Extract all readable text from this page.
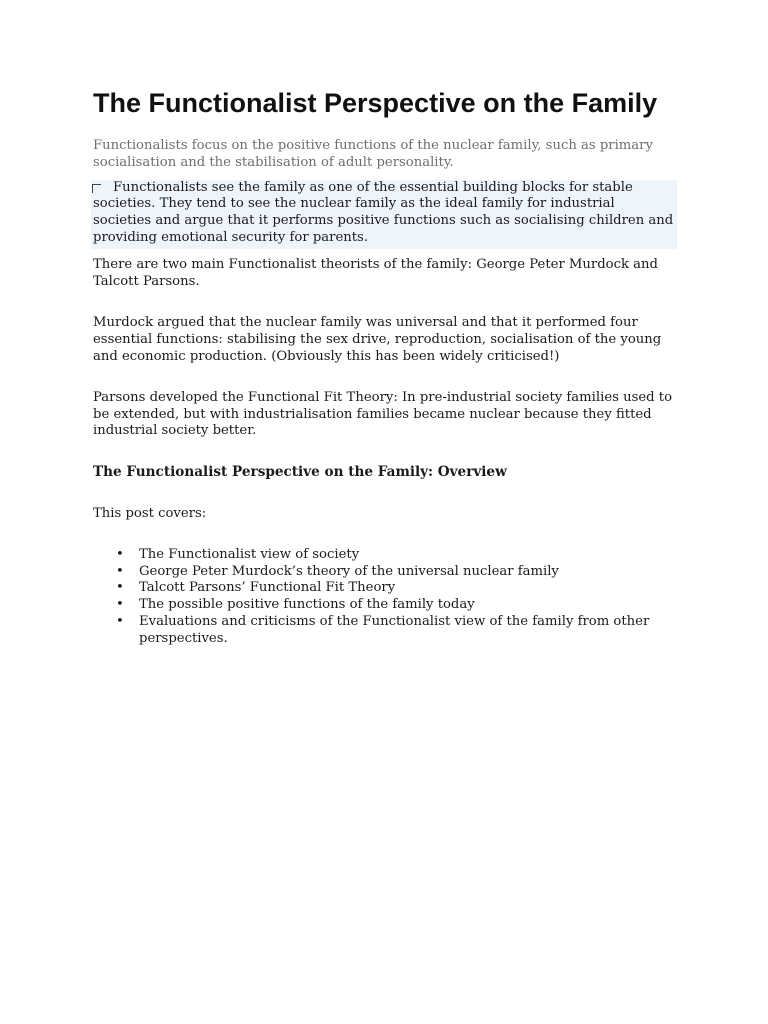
The Functionalist Perspective on the Family

Functionalists focus on the positive functions of the nuclear family, such as primary socialisation and the stabilisation of adult personality.

Functionalists see the family as one of the essential building blocks for stable societies. They tend to see the nuclear family as the ideal family for industrial societies and argue that it performs positive functions such as socialising children and providing emotional security for parents.

There are two main Functionalist theorists of the family: George Peter Murdock and Talcott Parsons.

Murdock argued that the nuclear family was universal and that it performed four essential functions: stabilising the sex drive, reproduction, socialisation of the young and economic production. (Obviously this has been widely criticised!)

Parsons developed the Functional Fit Theory: In pre-industrial society families used to be extended, but with industrialisation families became nuclear because they fitted industrial society better.

The Functionalist Perspective on the Family: Overview

This post covers:

• The Functionalist view of society
• George Peter Murdock’s theory of the universal nuclear family
• Talcott Parsons’ Functional Fit Theory
• The possible positive functions of the family today
• Evaluations and criticisms of the Functionalist view of the family from other perspectives.
